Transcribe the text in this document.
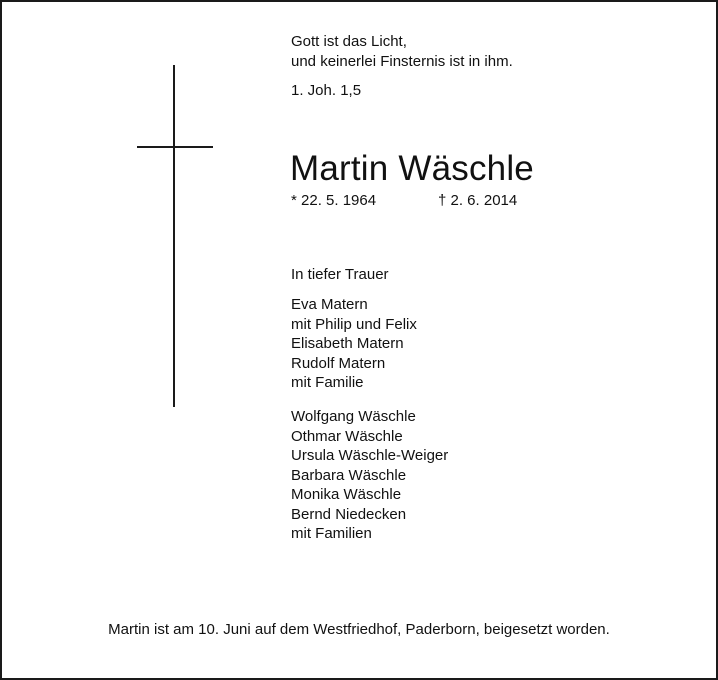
Gott ist das Licht,
und keinerlei Finsternis ist in ihm.
1. Joh. 1,5
Martin Wäschle
* 22. 5. 1964	† 2. 6. 2014
In tiefer Trauer
Eva Matern
mit Philip und Felix
Elisabeth Matern
Rudolf Matern
mit Familie
Wolfgang Wäschle
Othmar Wäschle
Ursula Wäschle-Weiger
Barbara Wäschle
Monika Wäschle
Bernd Niedecken
mit Familien
Martin ist am 10. Juni auf dem Westfriedhof, Paderborn, beigesetzt worden.
